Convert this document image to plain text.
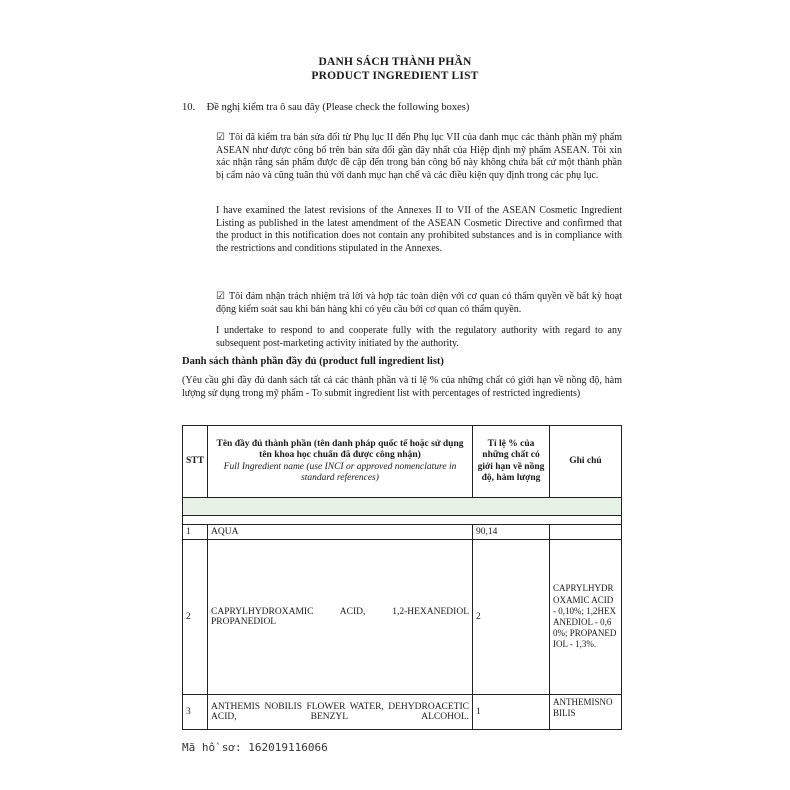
DANH SÁCH THÀNH PHẦN
PRODUCT INGREDIENT LIST
10. Đề nghị kiểm tra ô sau đây (Please check the following boxes)
☑ Tôi đã kiểm tra bản sửa đổi từ Phụ lục II đến Phụ lục VII của danh mục các thành phần mỹ phẩm ASEAN như được công bố trên bản sửa đổi gần đây nhất của Hiệp định mỹ phẩm ASEAN. Tôi xin xác nhận rằng sản phẩm được đề cập đến trong bản công bố này không chứa bất cứ một thành phần bị cấm nào và cũng tuân thủ với danh mục hạn chế và các điều kiện quy định trong các phụ lục.
I have examined the latest revisions of the Annexes II to VII of the ASEAN Cosmetic Ingredient Listing as published in the latest amendment of the ASEAN Cosmetic Directive and confirmed that the product in this notification does not contain any prohibited substances and is in compliance with the restrictions and conditions stipulated in the Annexes.
☑ Tôi đảm nhận trách nhiệm trả lời và hợp tác toàn diện với cơ quan có thẩm quyền về bất kỳ hoạt động kiểm soát sau khi bán hàng khi có yêu cầu bởi cơ quan có thẩm quyền.
I undertake to respond to and cooperate fully with the regulatory authority with regard to any subsequent post-marketing activity initiated by the authority.
Danh sách thành phần đầy đủ (product full ingredient list)
(Yêu cầu ghi đầy đủ danh sách tất cả các thành phần và tỉ lệ % của những chất có giới hạn về nồng độ, hàm lượng sử dụng trong mỹ phẩm - To submit ingredient list with percentages of restricted ingredients)
STT	Tên đầy đủ thành phần (tên danh pháp quốc tế hoặc sử dụng tên khoa học chuẩn đã được công nhận)
Full Ingredient name (use INCI or approved nomenclature in standard references)	Tỉ lệ % của những chất có giới hạn về nồng độ, hàm lượng	Ghi chú

1	AQUA	90,14	
2	CAPRYLHYDROXAMIC ACID, 1,2-HEXANEDIOL PROPANEDIOL	2	CAPRYLHYDROXAMIC ACID - 0,10%; 1,2HEXANEDIOL - 0,60%; PROPANEDIOL - 1,3%.
3	ANTHEMIS NOBILIS FLOWER WATER, DEHYDROACETIC ACID, BENZYL ALCOHOL.	1	ANTHEMISNOBILIS
Mã hồ sơ: 162019116066
